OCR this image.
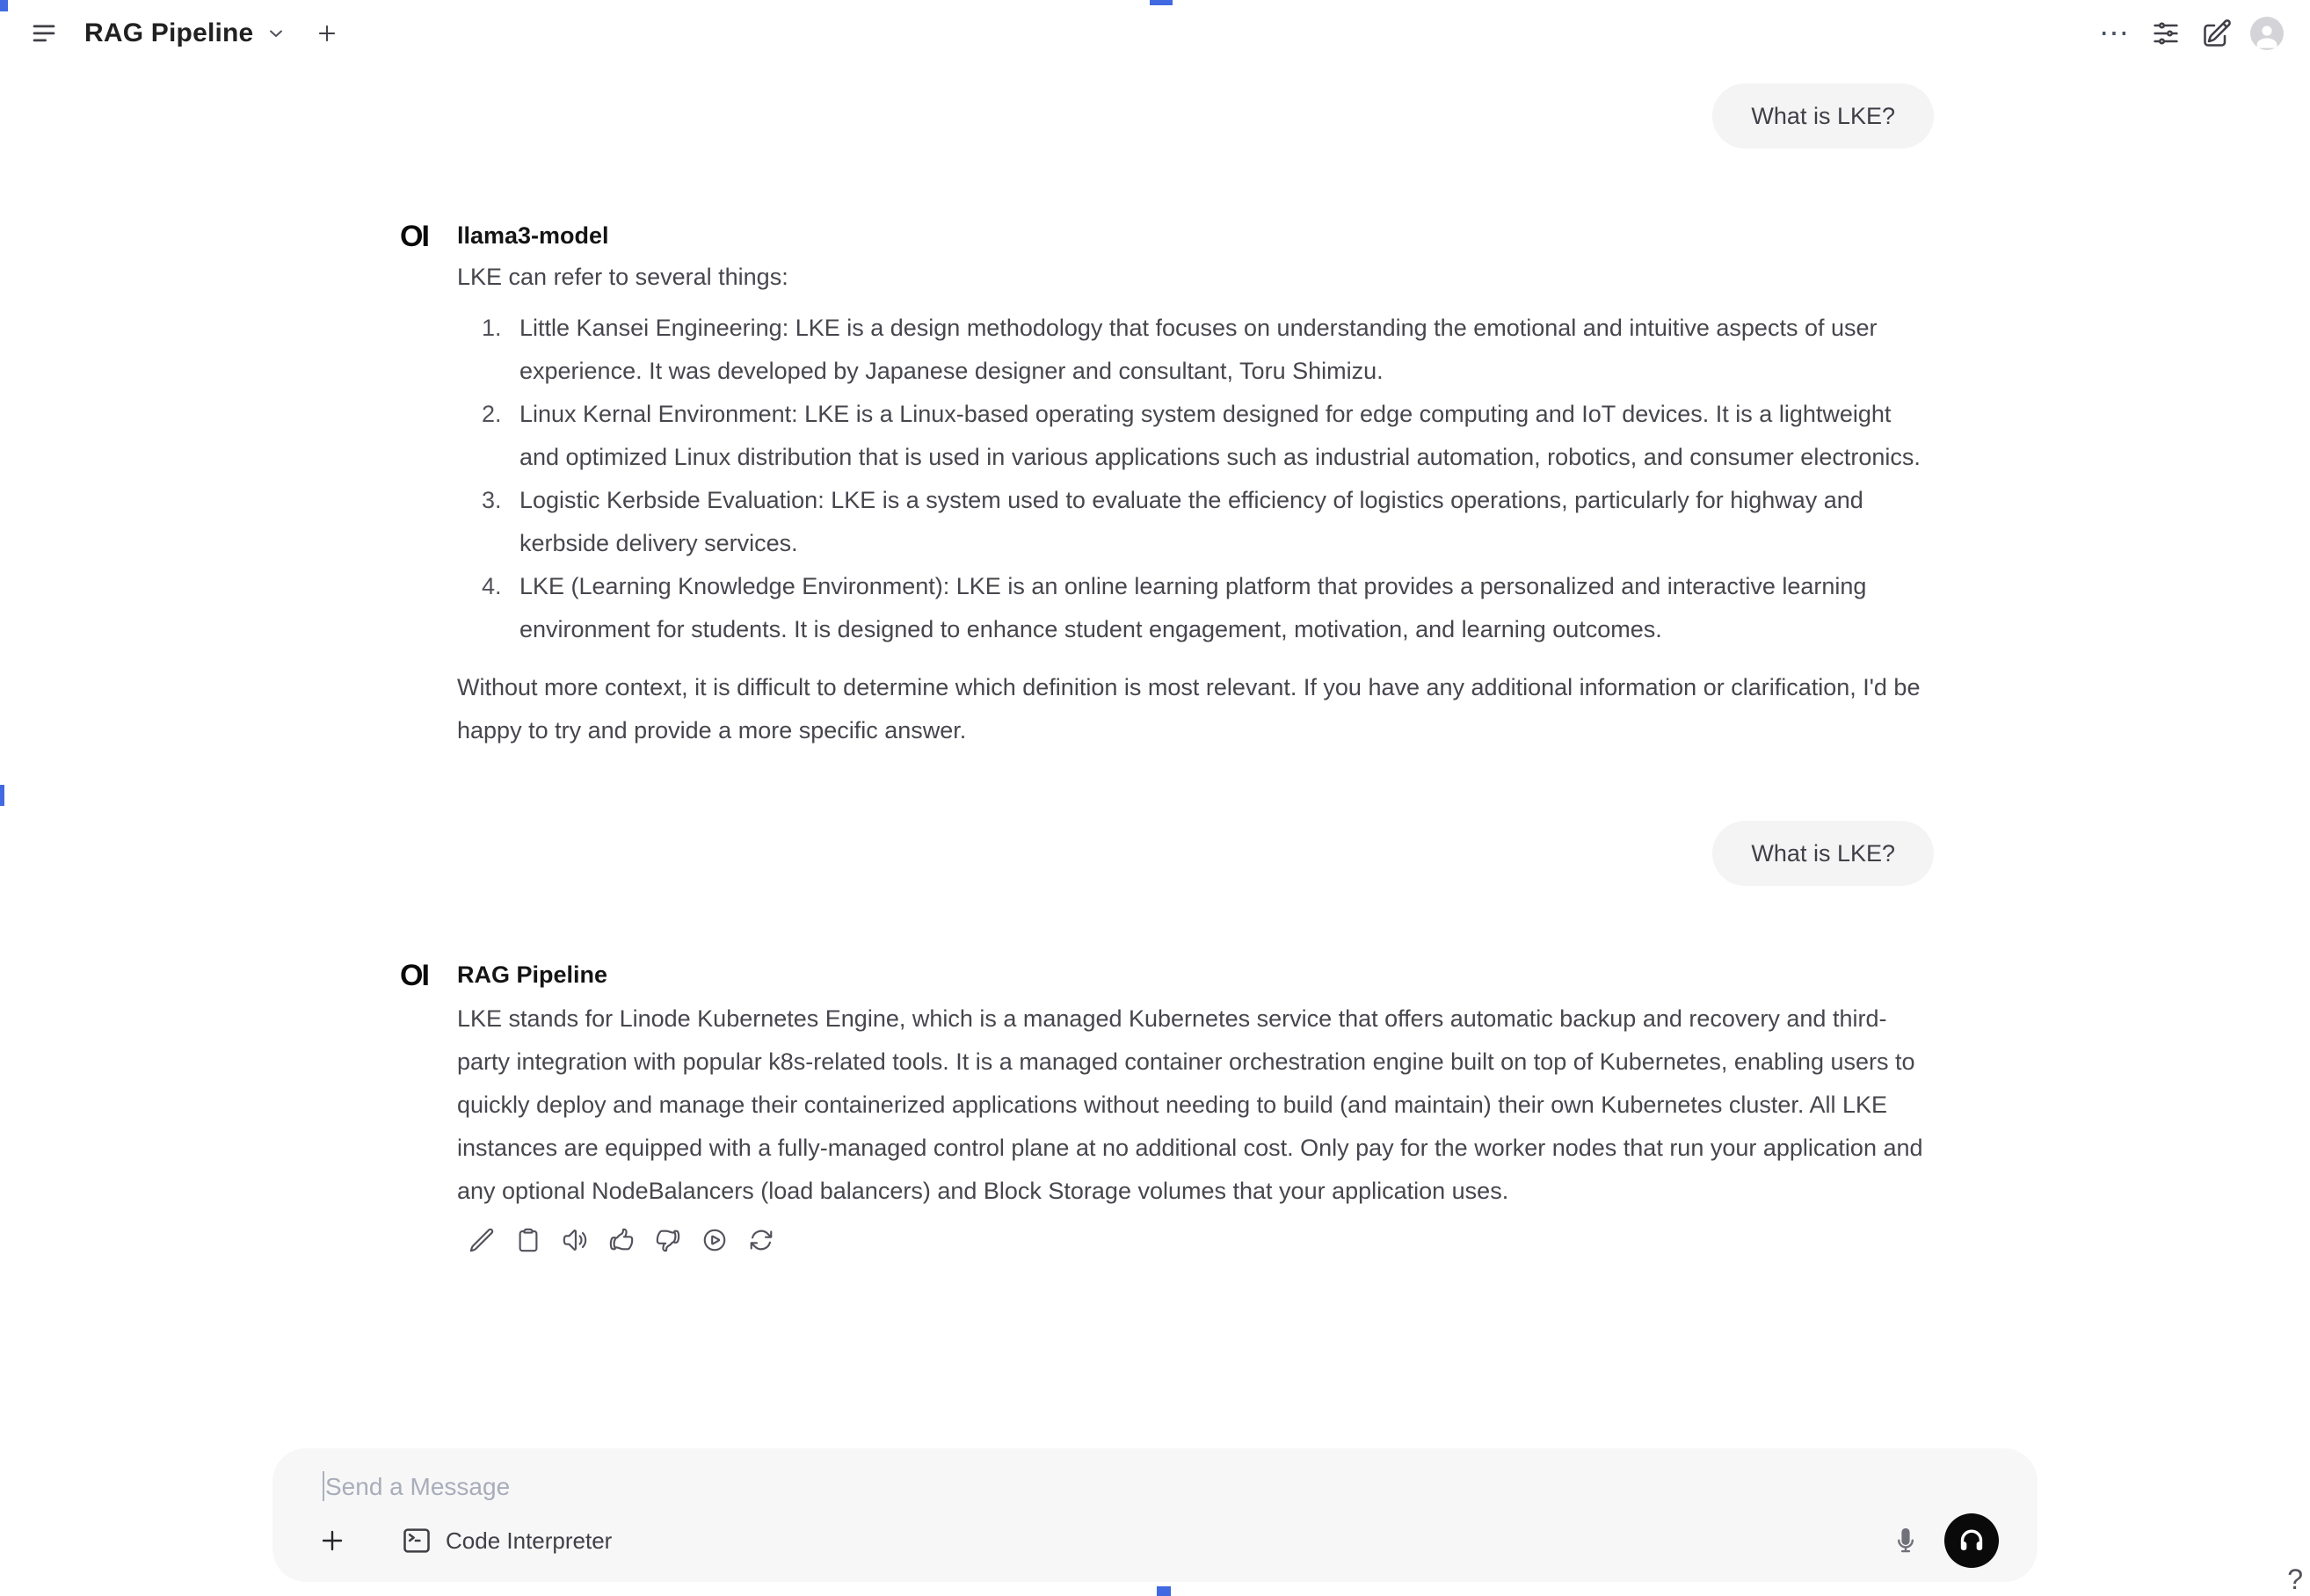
RAG Pipeline	⋯
What is LKE?
OI	llama3-model
LKE can refer to several things:
1. Little Kansei Engineering: LKE is a design methodology that focuses on understanding the emotional and intuitive aspects of user experience. It was developed by Japanese designer and consultant, Toru Shimizu.
2. Linux Kernal Environment: LKE is a Linux-based operating system designed for edge computing and IoT devices. It is a lightweight and optimized Linux distribution that is used in various applications such as industrial automation, robotics, and consumer electronics.
3. Logistic Kerbside Evaluation: LKE is a system used to evaluate the efficiency of logistics operations, particularly for highway and kerbside delivery services.
4. LKE (Learning Knowledge Environment): LKE is an online learning platform that provides a personalized and interactive learning environment for students. It is designed to enhance student engagement, motivation, and learning outcomes.
Without more context, it is difficult to determine which definition is most relevant. If you have any additional information or clarification, I'd be happy to try and provide a more specific answer.
What is LKE?
OI	RAG Pipeline
LKE stands for Linode Kubernetes Engine, which is a managed Kubernetes service that offers automatic backup and recovery and third-party integration with popular k8s-related tools. It is a managed container orchestration engine built on top of Kubernetes, enabling users to quickly deploy and manage their containerized applications without needing to build (and maintain) their own Kubernetes cluster. All LKE instances are equipped with a fully-managed control plane at no additional cost. Only pay for the worker nodes that run your application and any optional NodeBalancers (load balancers) and Block Storage volumes that your application uses.
Send a Message
Code Interpreter
?
